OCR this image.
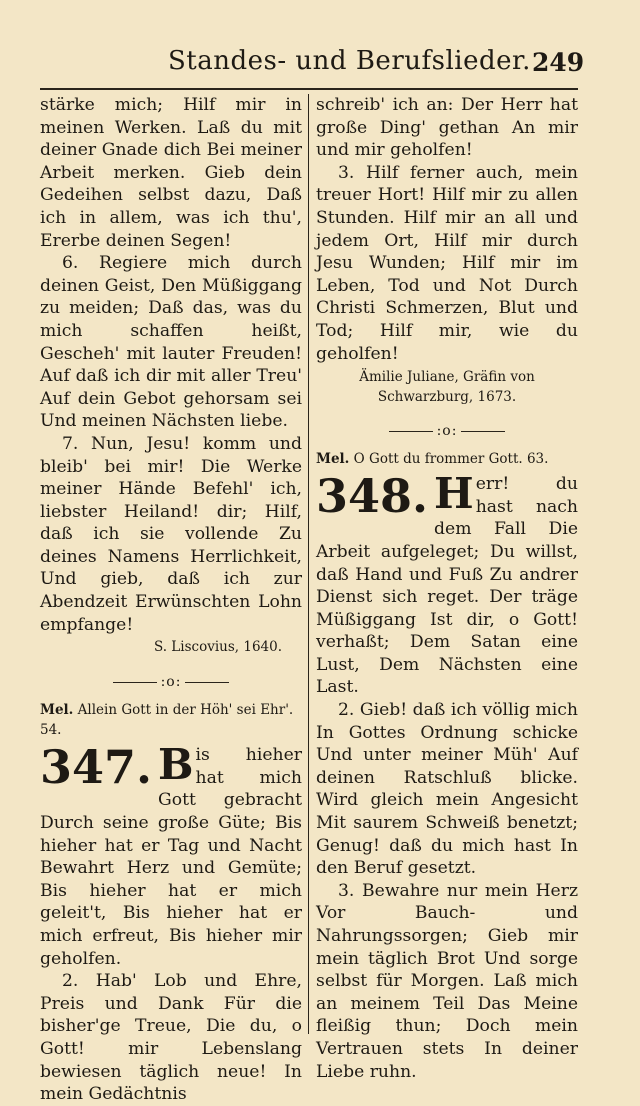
Standes- und Berufslieder. 249

stärke mich; Hilf mir in meinen Werken. Laß du mit deiner Gnade dich Bei meiner Arbeit merken. Gieb dein Gedeihen selbst dazu, Daß ich in allem, was ich thu', Ererbe deinen Segen!

6. Regiere mich durch deinen Geist, Den Müßiggang zu meiden; Daß das, was du mich schaffen heißt, Gescheh' mit lauter Freuden! Auf daß ich dir mit aller Treu' Auf dein Gebot gehorsam sei Und meinen Nächsten liebe.

7. Nun, Jesu! komm und bleib' bei mir! Die Werke meiner Hände Befehl' ich, liebster Heiland! dir; Hilf, daß ich sie vollende Zu deines Namens Herrlichkeit, Und gieb, daß ich zur Abendzeit Erwünschten Lohn empfange!

S. Liscovius, 1640.

:o:

Mel. Allein Gott in der Höh' sei Ehr'. 54.

347. B is hieher hat mich Gott gebracht Durch seine große Güte; Bis hieher hat er Tag und Nacht Bewahrt Herz und Gemüte; Bis hieher hat er mich geleit't, Bis hieher hat er mich erfreut, Bis hieher mir geholfen.

2. Hab' Lob und Ehre, Preis und Dank Für die bisher'ge Treue, Die du, o Gott! mir Lebenslang bewiesen täglich neue! In mein Gedächtnis

schreib' ich an: Der Herr hat große Ding' gethan An mir und mir geholfen!

3. Hilf ferner auch, mein treuer Hort! Hilf mir zu allen Stunden. Hilf mir an all und jedem Ort, Hilf mir durch Jesu Wunden; Hilf mir im Leben, Tod und Not Durch Christi Schmerzen, Blut und Tod; Hilf mir, wie du geholfen!

Ämilie Juliane, Gräfin von
Schwarzburg, 1673.

:o:

Mel. O Gott du frommer Gott. 63.

348. H err! du hast nach dem Fall Die Arbeit aufgeleget; Du willst, daß Hand und Fuß Zu andrer Dienst sich reget. Der träge Müßiggang Ist dir, o Gott! verhaßt; Dem Satan eine Lust, Dem Nächsten eine Last.

2. Gieb! daß ich völlig mich In Gottes Ordnung schicke Und unter meiner Müh' Auf deinen Ratschluß blicke. Wird gleich mein Angesicht Mit saurem Schweiß benetzt; Genug! daß du mich hast In den Beruf gesetzt.

3. Bewahre nur mein Herz Vor Bauch- und Nahrungssorgen; Gieb mir mein täglich Brot Und sorge selbst für Morgen. Laß mich an meinem Teil Das Meine fleißig thun; Doch mein Vertrauen stets In deiner Liebe ruhn.
